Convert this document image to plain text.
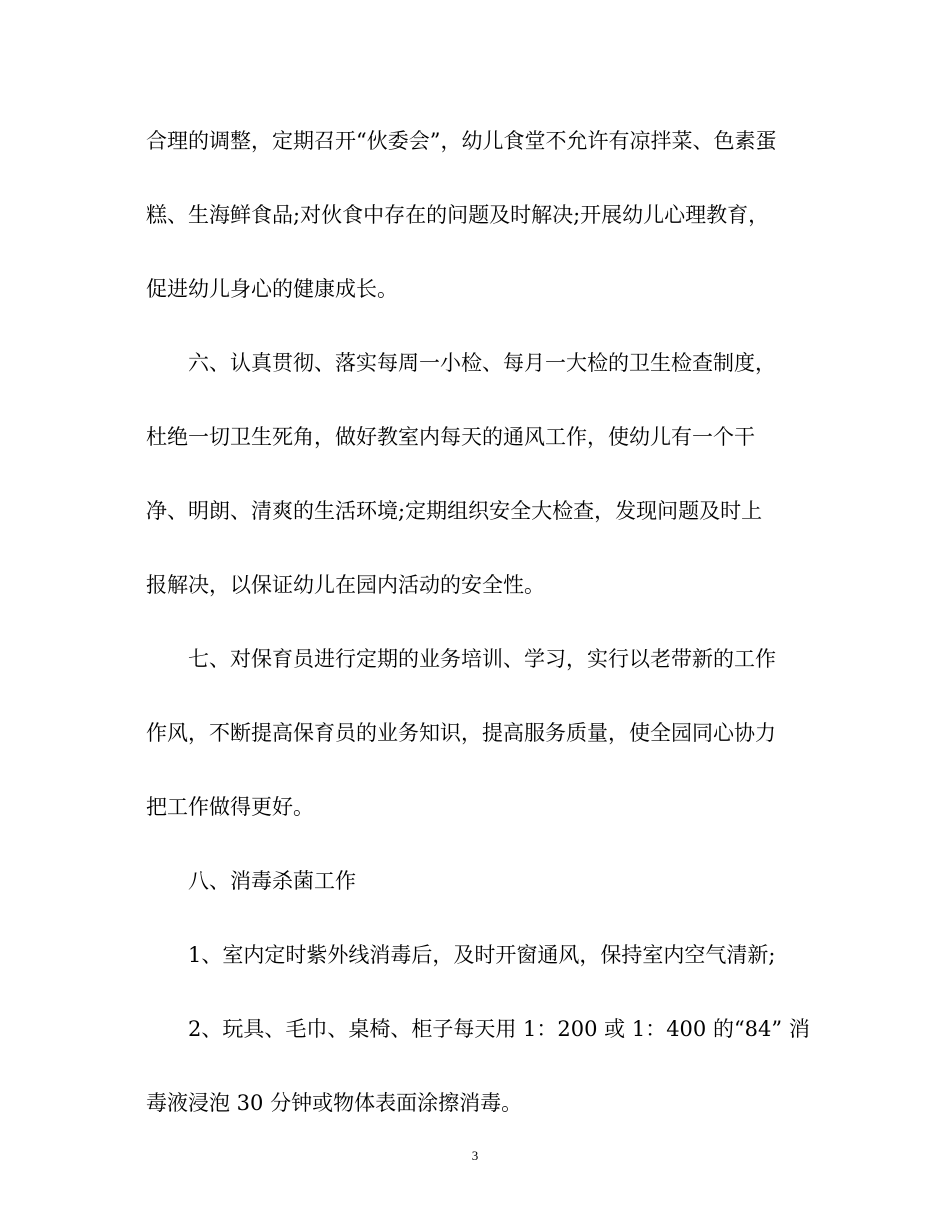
合理的调整，定期召开“伙委会”，幼儿食堂不允许有凉拌菜、色素蛋
糕、生海鲜食品;对伙食中存在的问题及时解决;开展幼儿心理教育，
促进幼儿身心的健康成长。
六、认真贯彻、落实每周一小检、每月一大检的卫生检查制度，
杜绝一切卫生死角，做好教室内每天的通风工作，使幼儿有一个干
净、明朗、清爽的生活环境;定期组织安全大检查，发现问题及时上
报解决，以保证幼儿在园内活动的安全性。
七、对保育员进行定期的业务培训、学习，实行以老带新的工作
作风，不断提高保育员的业务知识，提高服务质量，使全园同心协力
把工作做得更好。
八、消毒杀菌工作
1、室内定时紫外线消毒后，及时开窗通风，保持室内空气清新;
2、玩具、毛巾、桌椅、柜子每天用 1：200 或 1：400 的“84” 消
毒液浸泡 30 分钟或物体表面涂擦消毒。
3
